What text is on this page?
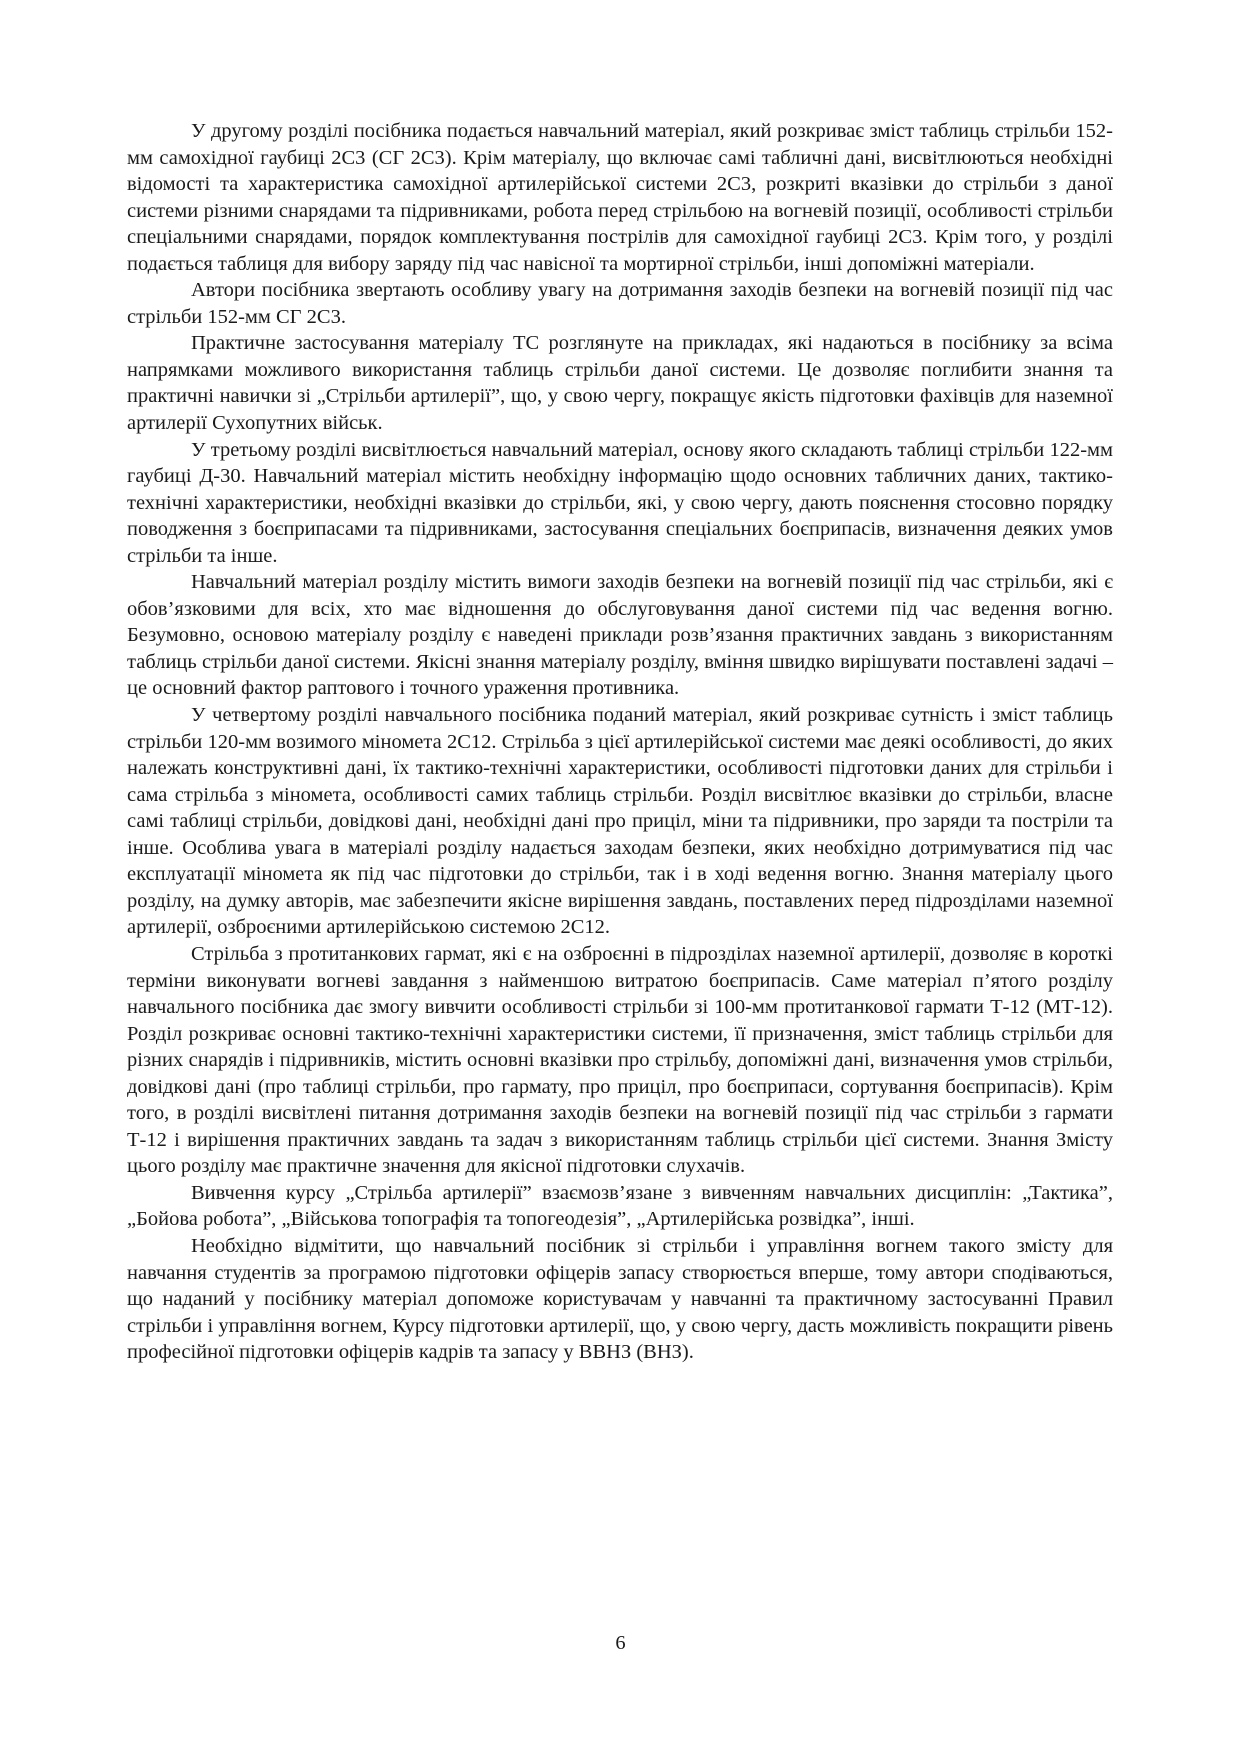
У другому розділі посібника подається навчальний матеріал, який розкриває зміст таблиць стрільби 152-мм самохідної гаубиці 2С3 (СГ 2С3). Крім матеріалу, що включає самі табличні дані, висвітлюються необхідні відомості та характеристика самохідної артилерійської системи 2С3, розкриті вказівки до стрільби з даної системи різними снарядами та підривниками, робота перед стрільбою на вогневій позиції, особливості стрільби спеціальними снарядами, порядок комплектування пострілів для самохідної гаубиці 2С3. Крім того, у розділі подається таблиця для вибору заряду під час навісної та мортирної стрільби, інші допоміжні матеріали.

Автори посібника звертають особливу увагу на дотримання заходів безпеки на вогневій позиції під час стрільби 152-мм СГ 2С3.

Практичне застосування матеріалу ТС розглянуте на прикладах, які надаються в посібнику за всіма напрямками можливого використання таблиць стрільби даної системи. Це дозволяє поглибити знання та практичні навички зі „Стрільби артилерії”, що, у свою чергу, покращує якість підготовки фахівців для наземної артилерії Сухопутних військ.

У третьому розділі висвітлюється навчальний матеріал, основу якого складають таблиці стрільби 122-мм гаубиці Д-30. Навчальний матеріал містить необхідну інформацію щодо основних табличних даних, тактико-технічні характеристики, необхідні вказівки до стрільби, які, у свою чергу, дають пояснення стосовно порядку поводження з боєприпасами та підривниками, застосування спеціальних боєприпасів, визначення деяких умов стрільби та інше.

Навчальний матеріал розділу містить вимоги заходів безпеки на вогневій позиції під час стрільби, які є обов’язковими для всіх, хто має відношення до обслуговування даної системи під час ведення вогню. Безумовно, основою матеріалу розділу є наведені приклади розв’язання практичних завдань з використанням таблиць стрільби даної системи. Якісні знання матеріалу розділу, вміння швидко вирішувати поставлені задачі – це основний фактор раптового і точного ураження противника.

У четвертому розділі навчального посібника поданий матеріал, який розкриває сутність і зміст таблиць стрільби 120-мм возимого міномета 2С12. Стрільба з цієї артилерійської системи має деякі особливості, до яких належать конструктивні дані, їх тактико-технічні характеристики, особливості підготовки даних для стрільби і сама стрільба з міномета, особливості самих таблиць стрільби. Розділ висвітлює вказівки до стрільби, власне самі таблиці стрільби, довідкові дані, необхідні дані про приціл, міни та підривники, про заряди та постріли та інше. Особлива увага в матеріалі розділу надається заходам безпеки, яких необхідно дотримуватися під час експлуатації міномета як під час підготовки до стрільби, так і в ході ведення вогню. Знання матеріалу цього розділу, на думку авторів, має забезпечити якісне вирішення завдань, поставлених перед підрозділами наземної артилерії, озброєними артилерійською системою 2С12.

Стрільба з протитанкових гармат, які є на озброєнні в підрозділах наземної артилерії, дозволяє в короткі терміни виконувати вогневі завдання з найменшою витратою боєприпасів. Саме матеріал п’ятого розділу навчального посібника дає змогу вивчити особливості стрільби зі 100-мм протитанкової гармати Т-12 (МТ-12). Розділ розкриває основні тактико-технічні характеристики системи, її призначення, зміст таблиць стрільби для різних снарядів і підривників, містить основні вказівки про стрільбу, допоміжні дані, визначення умов стрільби, довідкові дані (про таблиці стрільби, про гармату, про приціл, про боєприпаси, сортування боєприпасів). Крім того, в розділі висвітлені питання дотримання заходів безпеки на вогневій позиції під час стрільби з гармати Т-12 і вирішення практичних завдань та задач з використанням таблиць стрільби цієї системи. Знання Змісту цього розділу має практичне значення для якісної підготовки слухачів.

Вивчення курсу „Стрільба артилерії” взаємозв’язане з вивченням навчальних дисциплін: „Тактика”, „Бойова робота”, „Військова топографія та топогеодезія”, „Артилерійська розвідка”, інші.

Необхідно відмітити, що навчальний посібник зі стрільби і управління вогнем такого змісту для навчання студентів за програмою підготовки офіцерів запасу створюється вперше, тому автори сподіваються, що наданий у посібнику матеріал допоможе користувачам у навчанні та практичному застосуванні Правил стрільби і управління вогнем, Курсу підготовки артилерії, що, у свою чергу, дасть можливість покращити рівень професійної підготовки офіцерів кадрів та запасу у ВВНЗ (ВНЗ).

6
